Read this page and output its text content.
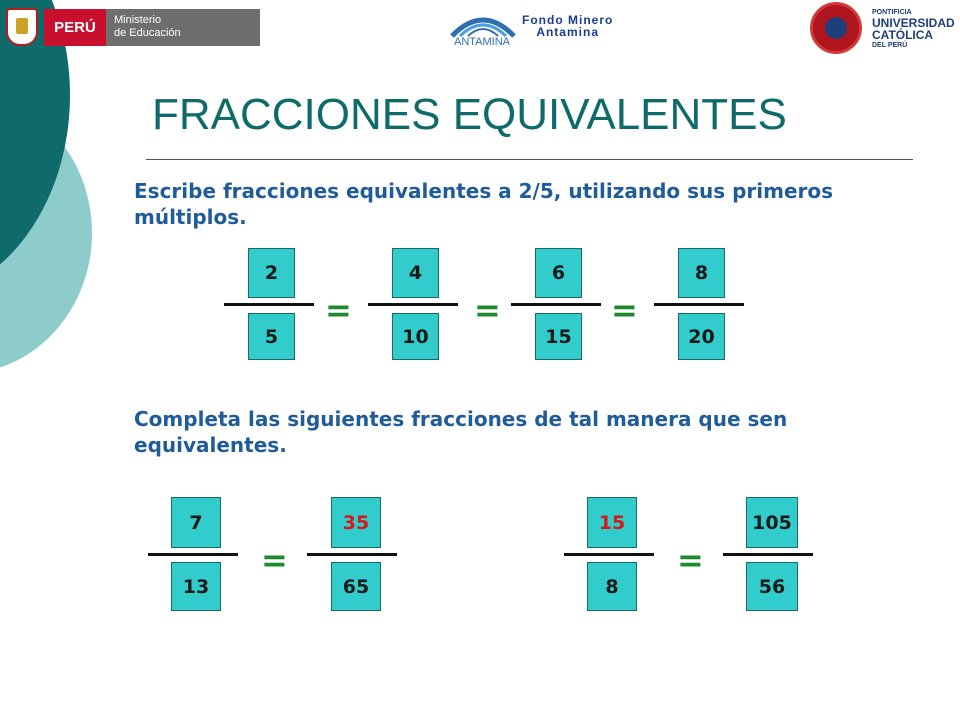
PERÚ	Ministerio
de Educación
ANTAMINA
Fondo Minero
Antamina
PONTIFICIA
UNIVERSIDAD
CATÓLICA
DEL PERÚ
FRACCIONES EQUIVALENTES
Escribe fracciones equivalentes a 2/5, utilizando sus primeros múltiplos.
2
5
=
4
10
=
6
15
=
8
20
Completa las siguientes fracciones de tal manera que sen equivalentes.
7
13
=
35
65
15
8
=
105
56
